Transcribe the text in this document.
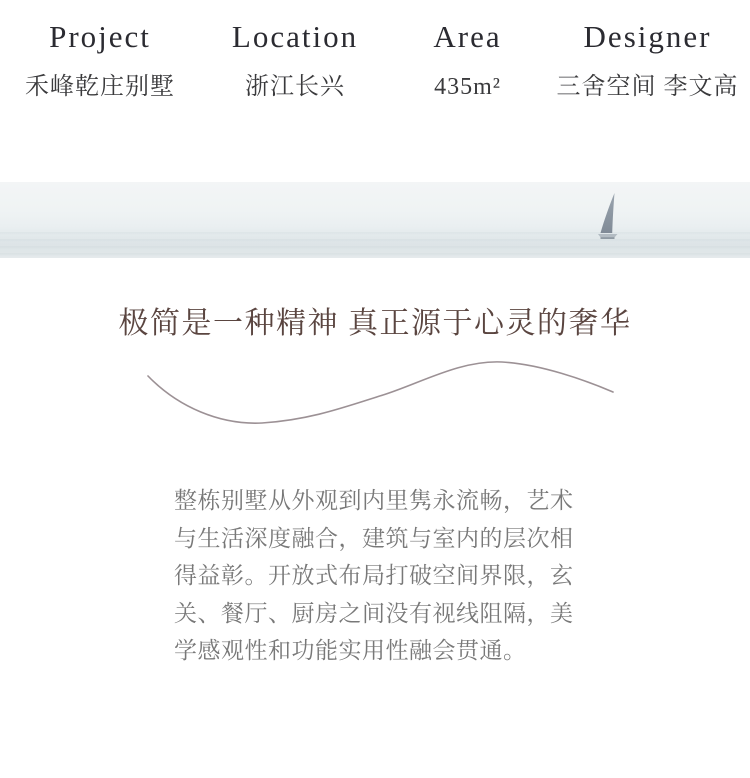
Project
禾峰乾庄别墅
Location
浙江长兴
Area
435m²
Designer
三舍空间 李文高
极简是一种精神 真正源于心灵的奢华

整栋别墅从外观到内里隽永流畅，艺术与生活深度融合，建筑与室内的层次相得益彰。开放式布局打破空间界限，玄关、餐厅、厨房之间没有视线阻隔，美学感观性和功能实用性融会贯通。
